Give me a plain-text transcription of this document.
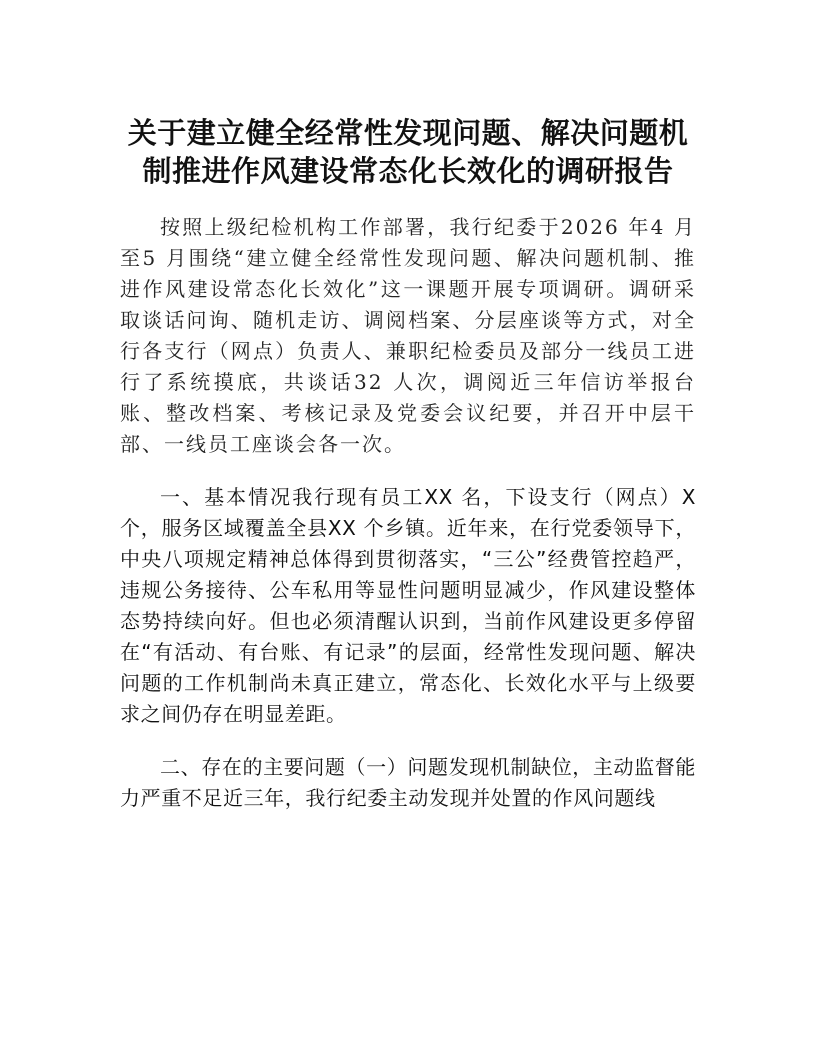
关于建立健全经常性发现问题、解决问题机
制推进作风建设常态化长效化的调研报告

按照上级纪检机构工作部署，我行纪委于2026 年4 月至5 月围绕“建立健全经常性发现问题、解决问题机制、推进作风建设常态化长效化”这一课题开展专项调研。调研采取谈话问询、随机走访、调阅档案、分层座谈等方式，对全行各支行（网点）负责人、兼职纪检委员及部分一线员工进行了系统摸底，共谈话32 人次，调阅近三年信访举报台账、整改档案、考核记录及党委会议纪要，并召开中层干部、一线员工座谈会各一次。

一、基本情况我行现有员工XX 名，下设支行（网点）X 个，服务区域覆盖全县XX 个乡镇。近年来，在行党委领导下，中央八项规定精神总体得到贯彻落实，“三公”经费管控趋严，违规公务接待、公车私用等显性问题明显减少，作风建设整体态势持续向好。但也必须清醒认识到，当前作风建设更多停留在“有活动、有台账、有记录”的层面，经常性发现问题、解决问题的工作机制尚未真正建立，常态化、长效化水平与上级要求之间仍存在明显差距。

二、存在的主要问题（一）问题发现机制缺位，主动监督能力严重不足近三年，我行纪委主动发现并处置的作风问题线
